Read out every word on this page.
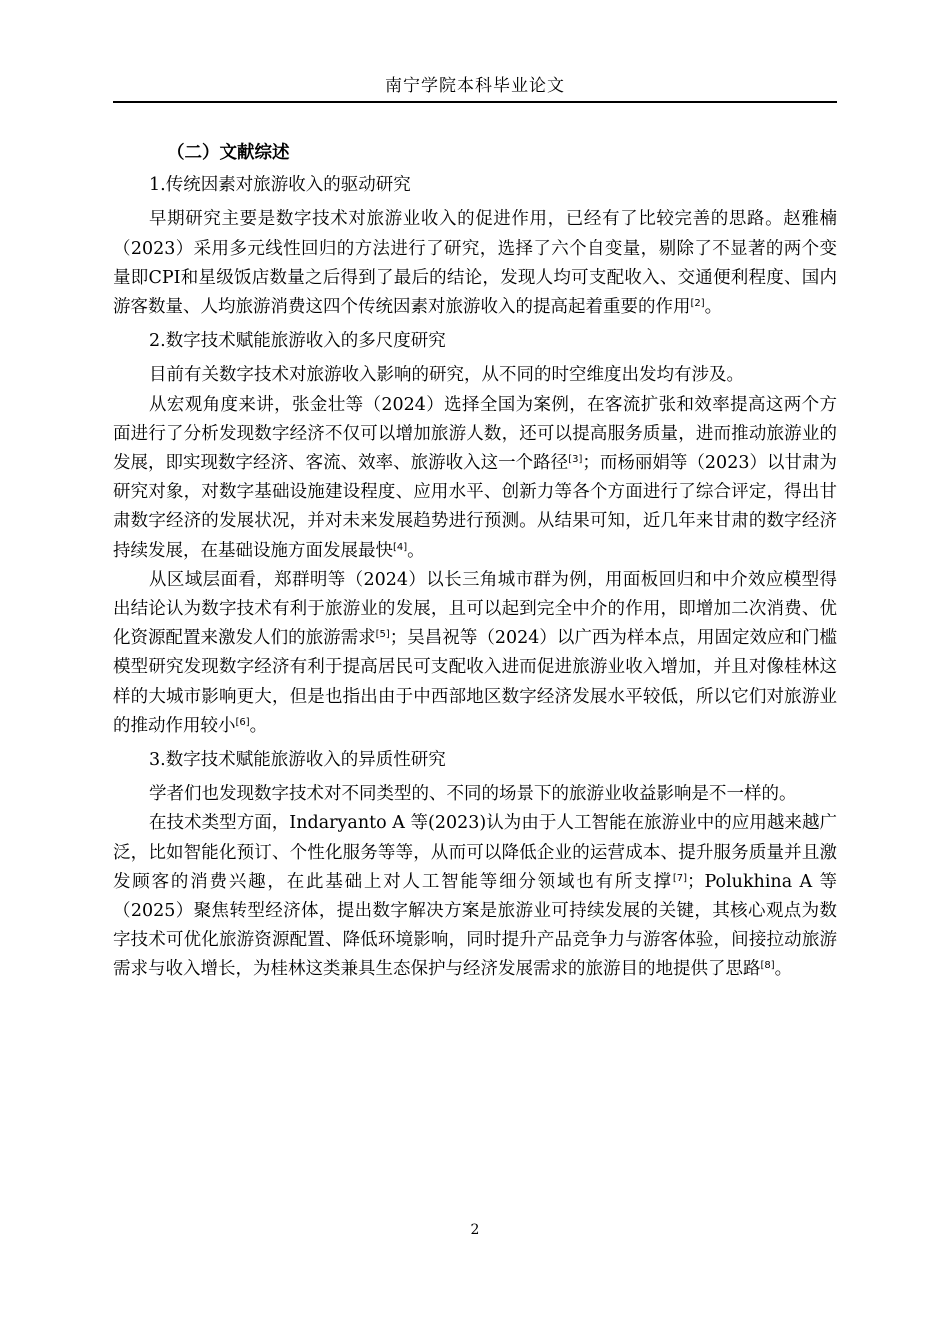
南宁学院本科毕业论文

（二）文献综述

1.传统因素对旅游收入的驱动研究

早期研究主要是数字技术对旅游业收入的促进作用，已经有了比较完善的思路。赵雅楠（2023）采用多元线性回归的方法进行了研究，选择了六个自变量，剔除了不显著的两个变量即CPI和星级饭店数量之后得到了最后的结论，发现人均可支配收入、交通便利程度、国内游客数量、人均旅游消费这四个传统因素对旅游收入的提高起着重要的作用[2]。

2.数字技术赋能旅游收入的多尺度研究

目前有关数字技术对旅游收入影响的研究，从不同的时空维度出发均有涉及。

从宏观角度来讲，张金壮等（2024）选择全国为案例，在客流扩张和效率提高这两个方面进行了分析发现数字经济不仅可以增加旅游人数，还可以提高服务质量，进而推动旅游业的发展，即实现数字经济、客流、效率、旅游收入这一个路径[3]；而杨丽娟等（2023）以甘肃为研究对象，对数字基础设施建设程度、应用水平、创新力等各个方面进行了综合评定，得出甘肃数字经济的发展状况，并对未来发展趋势进行预测。从结果可知，近几年来甘肃的数字经济持续发展，在基础设施方面发展最快[4]。

从区域层面看，郑群明等（2024）以长三角城市群为例，用面板回归和中介效应模型得出结论认为数字技术有利于旅游业的发展，且可以起到完全中介的作用，即增加二次消费、优化资源配置来激发人们的旅游需求[5]；吴昌祝等（2024）以广西为样本点，用固定效应和门槛模型研究发现数字经济有利于提高居民可支配收入进而促进旅游业收入增加，并且对像桂林这样的大城市影响更大，但是也指出由于中西部地区数字经济发展水平较低，所以它们对旅游业的推动作用较小[6]。

3.数字技术赋能旅游收入的异质性研究

学者们也发现数字技术对不同类型的、不同的场景下的旅游业收益影响是不一样的。

在技术类型方面，Indaryanto A 等(2023)认为由于人工智能在旅游业中的应用越来越广泛，比如智能化预订、个性化服务等等，从而可以降低企业的运营成本、提升服务质量并且激发顾客的消费兴趣，在此基础上对人工智能等细分领域也有所支撑[7]；Polukhina A 等（2025）聚焦转型经济体，提出数字解决方案是旅游业可持续发展的关键，其核心观点为数字技术可优化旅游资源配置、降低环境影响，同时提升产品竞争力与游客体验，间接拉动旅游需求与收入增长，为桂林这类兼具生态保护与经济发展需求的旅游目的地提供了思路[8]。

2
